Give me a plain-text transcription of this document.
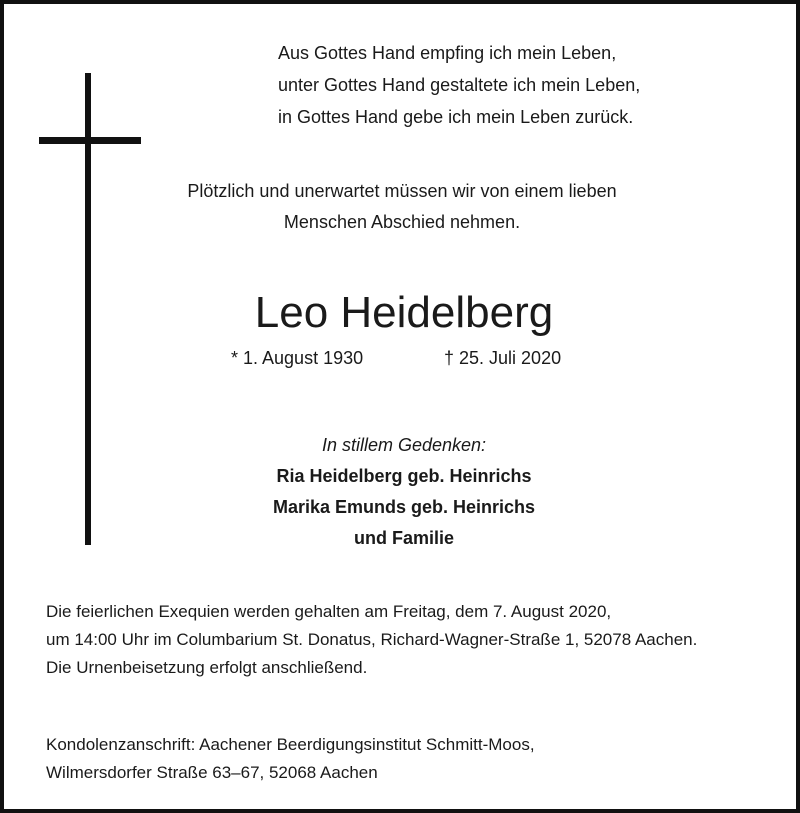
Aus Gottes Hand empfing ich mein Leben,
unter Gottes Hand gestaltete ich mein Leben,
in Gottes Hand gebe ich mein Leben zurück.
Plötzlich und unerwartet müssen wir von einem lieben
Menschen Abschied nehmen.
Leo Heidelberg
* 1. August 1930	† 25. Juli 2020
In stillem Gedenken:
Ria Heidelberg geb. Heinrichs
Marika Emunds geb. Heinrichs
und Familie
Die feierlichen Exequien werden gehalten am Freitag, dem 7. August 2020,
um 14:00 Uhr im Columbarium St. Donatus, Richard-Wagner-Straße 1, 52078 Aachen.
Die Urnenbeisetzung erfolgt anschließend.
Kondolenzanschrift: Aachener Beerdigungsinstitut Schmitt-Moos,
Wilmersdorfer Straße 63–67, 52068 Aachen
